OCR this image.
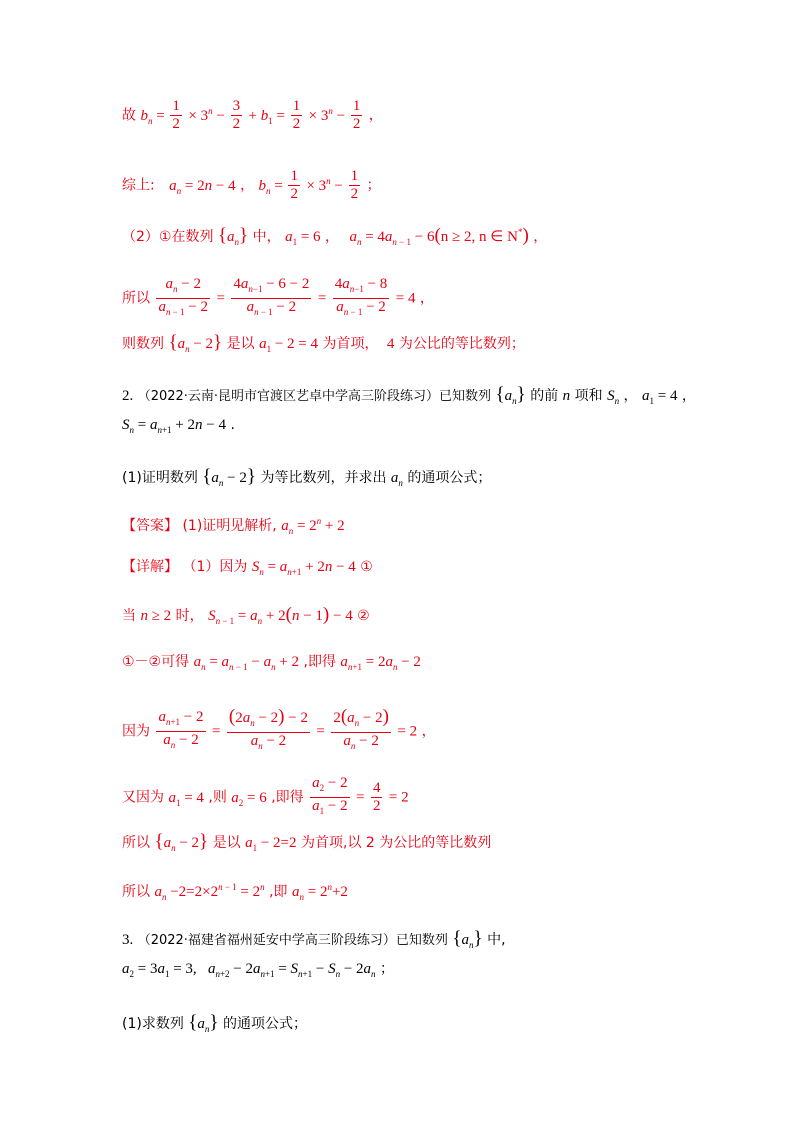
故 $b_n = \frac{1}{2} \times 3^n - \frac{3}{2} + b_1 = \frac{1}{2} \times 3^n - \frac{1}{2}$ ，
综上: $a_n = 2n - 4$ ， $b_n = \frac{1}{2} \times 3^n - \frac{1}{2}$ ；
（2）①在数列 $\{a_n\}$ 中， $a_1 = 6$ ， $a_n = 4a_{n - 1} - 6(n \ge 2$, n ∈ N*) ，
所以 $\frac{a_n - 2}{a_{n - 1} - 2} = \frac{4a_{n-1} - 6 - 2}{a_{n - 1} - 2} = \frac{4a_{n-1} - 8}{a_{n - 1} - 2} = 4$ ，
则数列 $\{a_n - 2\}$ 是以 $a_1 - 2 = 4$ 为首项， 4 为公比的等比数列；
2. （2022·云南·昆明市官渡区艺卓中学高三阶段练习）已知数列 $\{a_n\}$ 的前 n 项和 $S_n$ ， $a_1 = 4$ ，
$S_n = a_{n+1} + 2n - 4$ .
(1)证明数列 $\{a_n - 2\}$ 为等比数列，并求出 $a_n$ 的通项公式；
【答案】 (1)证明见解析, $a_n = 2^n + 2$
【详解】 （1）因为 $S_n = a_{n+1} + 2n - 4$ ①
当 n ≥ 2 时， $S_{n - 1} = a_n + 2(n - 1) - 4$ ②
①－②可得 $a_n = a_{n - 1} - a_n + 2$ ,即得 $a_{n+1} = 2a_n - 2$
因为 $\frac{a_{n+1} - 2}{a_n - 2} = \frac{(2a_n - 2) - 2}{a_n - 2} = \frac{2(a_n - 2)}{a_n - 2} = 2$ ，
又因为 $a_1 = 4$ ,则 $a_2 = 6$ ,即得 $\frac{a_2 - 2}{a_1 - 2} = \frac{4}{2} = 2$
所以 $\{a_n - 2\}$ 是以 $a_1 - 2=2$ 为首项,以 2 为公比的等比数列
所以 $a_n -2=2\times 2^{n - 1} = 2^n$ ,即 $a_n = 2^n+2$
3. （2022·福建省福州延安中学高三阶段练习）已知数列 $\{a_n\}$ 中,
$a_2 = 3a_1 = 3$,   $a_{n+2} - 2a_{n+1} = S_{n+1} - S_n - 2a_n$ ；
(1)求数列 $\{a_n\}$ 的通项公式；
